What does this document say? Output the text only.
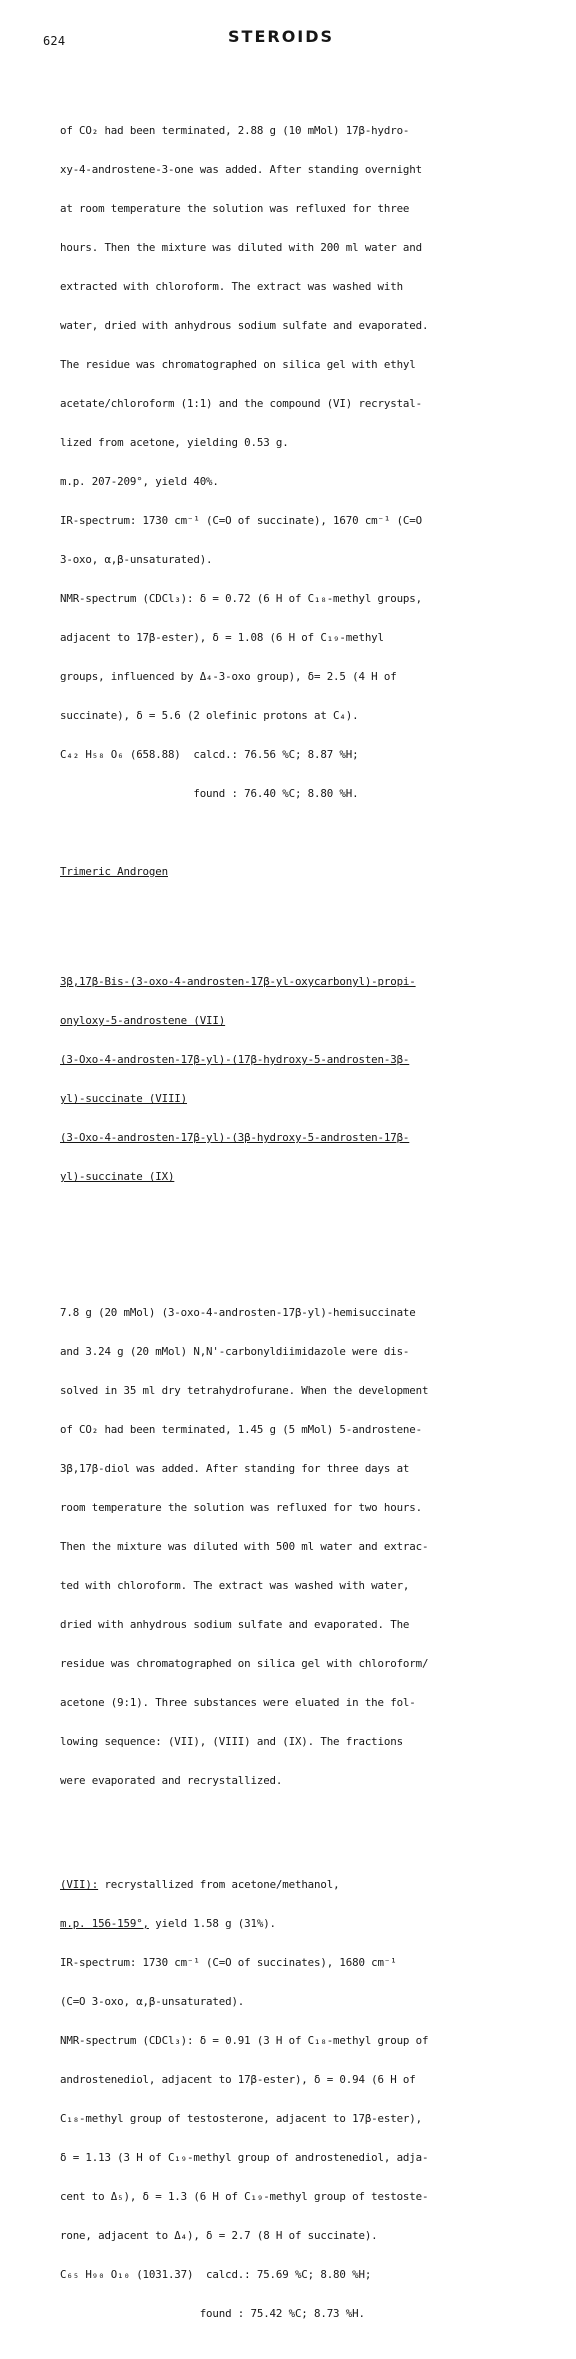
624	STEROIDS

of CO₂ had been terminated, 2.88 g (10 mMol) 17β-hydro-

xy-4-androstene-3-one was added. After standing overnight

at room temperature the solution was refluxed for three

hours. Then the mixture was diluted with 200 ml water and

extracted with chloroform. The extract was washed with

water, dried with anhydrous sodium sulfate and evaporated.

The residue was chromatographed on silica gel with ethyl

acetate/chloroform (1:1) and the compound (VI) recrystal-

lized from acetone, yielding 0.53 g.

m.p. 207-209°, yield 40%.

IR-spectrum: 1730 cm⁻¹ (C=O of succinate), 1670 cm⁻¹ (C=O

3-oxo, α,β-unsaturated).

NMR-spectrum (CDCl₃): δ = 0.72 (6 H of C₁₈-methyl groups,

adjacent to 17β-ester), δ = 1.08 (6 H of C₁₉-methyl

groups, influenced by Δ₄-3-oxo group), δ= 2.5 (4 H of

succinate), δ = 5.6 (2 olefinic protons at C₄).

C₄₂ H₅₈ O₆ (658.88)  calcd.: 76.56 %C; 8.87 %H;

found : 76.40 %C; 8.80 %H.

Trimeric Androgen

3β,17β-Bis-(3-oxo-4-androsten-17β-yl-oxycarbonyl)-propi-

onyloxy-5-androstene (VII)

(3-Oxo-4-androsten-17β-yl)-(17β-hydroxy-5-androsten-3β-

yl)-succinate (VIII)

(3-Oxo-4-androsten-17β-yl)-(3β-hydroxy-5-androsten-17β-

yl)-succinate (IX)

7.8 g (20 mMol) (3-oxo-4-androsten-17β-yl)-hemisuccinate

and 3.24 g (20 mMol) N,N'-carbonyldiimidazole were dis-

solved in 35 ml dry tetrahydrofurane. When the development

of CO₂ had been terminated, 1.45 g (5 mMol) 5-androstene-

3β,17β-diol was added. After standing for three days at

room temperature the solution was refluxed for two hours.

Then the mixture was diluted with 500 ml water and extrac-

ted with chloroform. The extract was washed with water,

dried with anhydrous sodium sulfate and evaporated. The

residue was chromatographed on silica gel with chloroform/

acetone (9:1). Three substances were eluated in the fol-

lowing sequence: (VII), (VIII) and (IX). The fractions

were evaporated and recrystallized.

(VII): recrystallized from acetone/methanol,

m.p. 156-159°, yield 1.58 g (31%).

IR-spectrum: 1730 cm⁻¹ (C=O of succinates), 1680 cm⁻¹

(C=O 3-oxo, α,β-unsaturated).

NMR-spectrum (CDCl₃): δ = 0.91 (3 H of C₁₈-methyl group of

androstenediol, adjacent to 17β-ester), δ = 0.94 (6 H of

C₁₈-methyl group of testosterone, adjacent to 17β-ester),

δ = 1.13 (3 H of C₁₉-methyl group of androstenediol, adja-

cent to Δ₅), δ = 1.3 (6 H of C₁₉-methyl group of testoste-

rone, adjacent to Δ₄), δ = 2.7 (8 H of succinate).

C₆₅ H₉₀ O₁₀ (1031.37)  calcd.: 75.69 %C; 8.80 %H;

found : 75.42 %C; 8.73 %H.
